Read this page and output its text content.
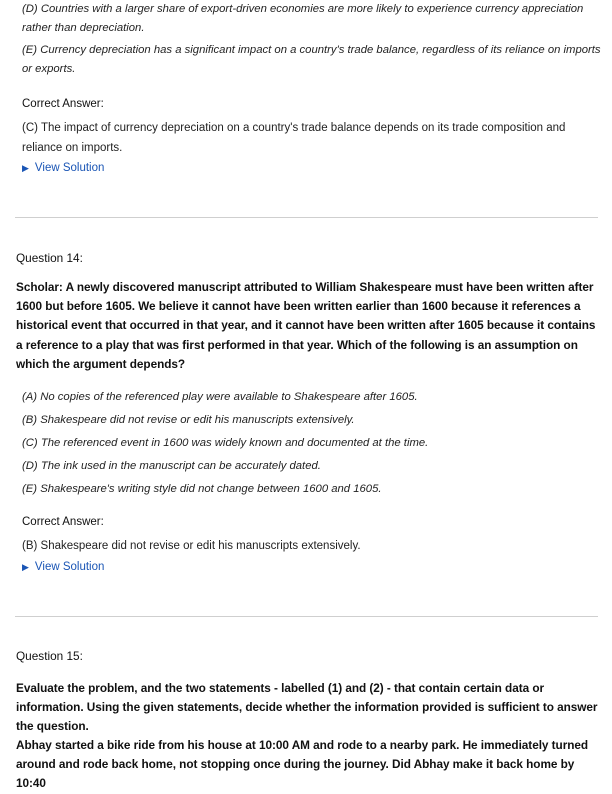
(D) Countries with a larger share of export-driven economies are more likely to experience currency appreciation rather than depreciation.
(E) Currency depreciation has a significant impact on a country's trade balance, regardless of its reliance on imports or exports.
Correct Answer:
(C) The impact of currency depreciation on a country's trade balance depends on its trade composition and reliance on imports.
▶ View Solution
Question 14:
Scholar: A newly discovered manuscript attributed to William Shakespeare must have been written after 1600 but before 1605. We believe it cannot have been written earlier than 1600 because it references a historical event that occurred in that year, and it cannot have been written after 1605 because it contains a reference to a play that was first performed in that year. Which of the following is an assumption on which the argument depends?
(A) No copies of the referenced play were available to Shakespeare after 1605.
(B) Shakespeare did not revise or edit his manuscripts extensively.
(C) The referenced event in 1600 was widely known and documented at the time.
(D) The ink used in the manuscript can be accurately dated.
(E) Shakespeare's writing style did not change between 1600 and 1605.
Correct Answer:
(B) Shakespeare did not revise or edit his manuscripts extensively.
▶ View Solution
Question 15:
Evaluate the problem, and the two statements - labelled (1) and (2) - that contain certain data or information. Using the given statements, decide whether the information provided is sufficient to answer the question.
Abhay started a bike ride from his house at 10:00 AM and rode to a nearby park. He immediately turned around and rode back home, not stopping once during the journey. Did Abhay make it back home by 10:40
